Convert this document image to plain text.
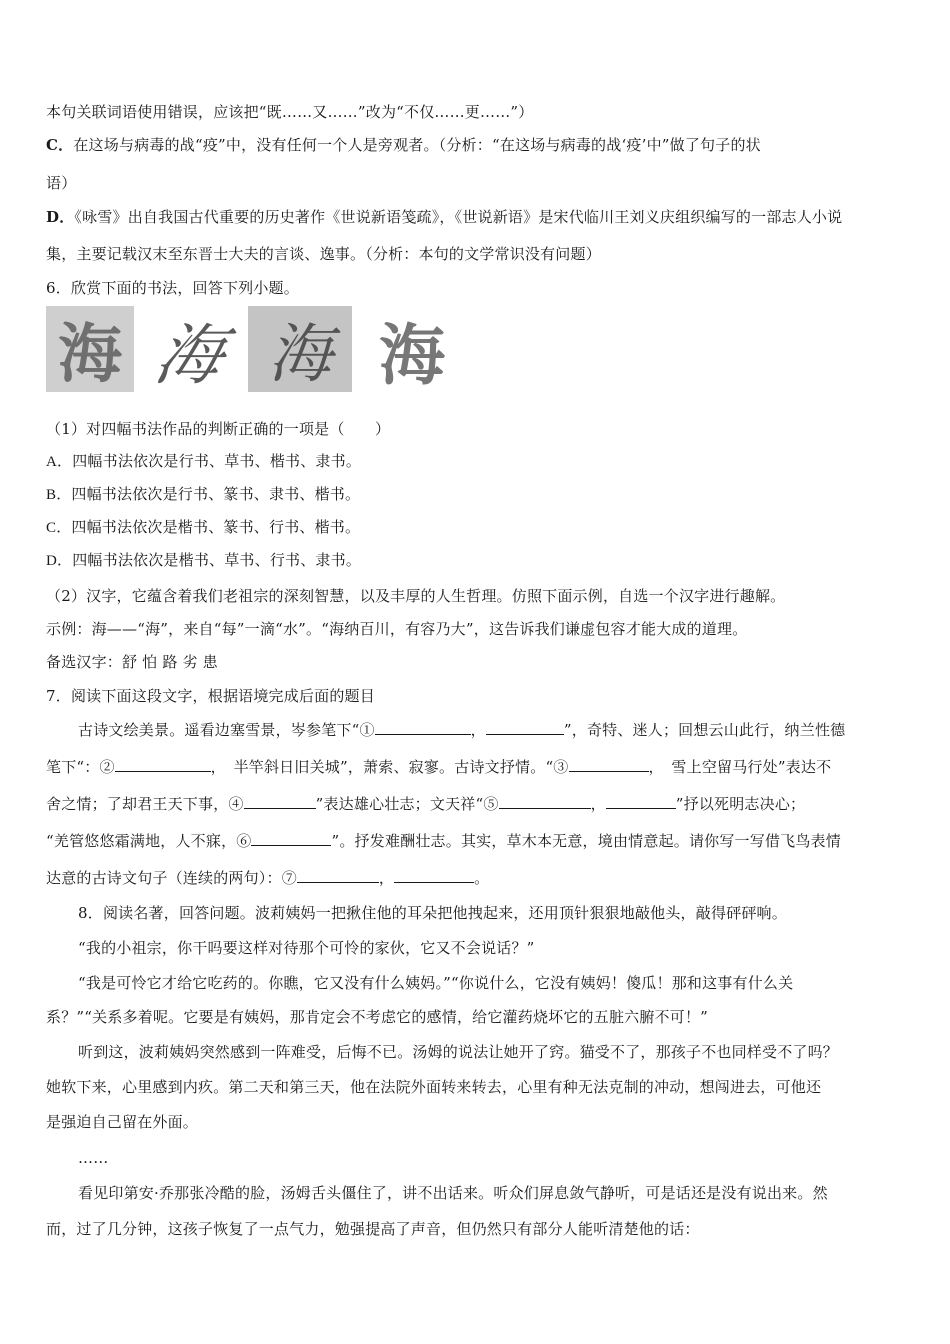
本句关联词语使用错误，应该把“既……又……”改为“不仅……更……”）
C．在这场与病毒的战“疫”中，没有任何一个人是旁观者。（分析：“在这场与病毒的战‘疫’中”做了句子的状
语）
D．《咏雪》出自我国古代重要的历史著作《世说新语笺疏》，《世说新语》是宋代临川王刘义庆组织编写的一部志人小说
集，主要记载汉末至东晋士大夫的言谈、逸事。（分析：本句的文学常识没有问题）
6．欣赏下面的书法，回答下列小题。
海 海 海 海
（1）对四幅书法作品的判断正确的一项是（　　）
A．四幅书法依次是行书、草书、楷书、隶书。
B．四幅书法依次是行书、篆书、隶书、楷书。
C．四幅书法依次是楷书、篆书、行书、楷书。
D．四幅书法依次是楷书、草书、行书、隶书。
（2）汉字，它蕴含着我们老祖宗的深刻智慧，以及丰厚的人生哲理。仿照下面示例，自选一个汉字进行趣解。
示例：海——“海”，来自“每”一滴“水”。“海纳百川，有容乃大”，这告诉我们谦虚包容才能大成的道理。
备选汉字：舒 怕 路 劣 患
7．阅读下面这段文字，根据语境完成后面的题目
古诗文绘美景。遥看边塞雪景，岑参笔下“①	，	”，奇特、迷人；回想云山此行，纳兰性德
笔下“：②	，　半竿斜日旧关城”，萧索、寂寥。古诗文抒情。“③	，　雪上空留马行处”表达不
舍之情；了却君王天下事，④	”表达雄心壮志；文天祥“⑤	，	”抒以死明志决心；
“羌管悠悠霜满地，人不寐，⑥	”。抒发难酬壮志。其实，草木本无意，境由情意起。请你写一写借飞鸟表情
达意的古诗文句子（连续的两句）：⑦	，	。
8．阅读名著，回答问题。波莉姨妈一把揪住他的耳朵把他拽起来，还用顶针狠狠地敲他头，敲得砰砰响。
“我的小祖宗，你干吗要这样对待那个可怜的家伙，它又不会说话？”
“我是可怜它才给它吃药的。你瞧，它又没有什么姨妈。”“你说什么，它没有姨妈！傻瓜！那和这事有什么关
系？”“关系多着呢。它要是有姨妈，那肯定会不考虑它的感情，给它灌药烧坏它的五脏六腑不可！”
听到这，波莉姨妈突然感到一阵难受，后悔不已。汤姆的说法让她开了窍。猫受不了，那孩子不也同样受不了吗？
她软下来，心里感到内疚。第二天和第三天，他在法院外面转来转去，心里有种无法克制的冲动，想闯进去，可他还
是强迫自己留在外面。
……
看见印第安·乔那张冷酷的脸，汤姆舌头僵住了，讲不出话来。听众们屏息敛气静听，可是话还是没有说出来。然
而，过了几分钟，这孩子恢复了一点气力，勉强提高了声音，但仍然只有部分人能听清楚他的话：
